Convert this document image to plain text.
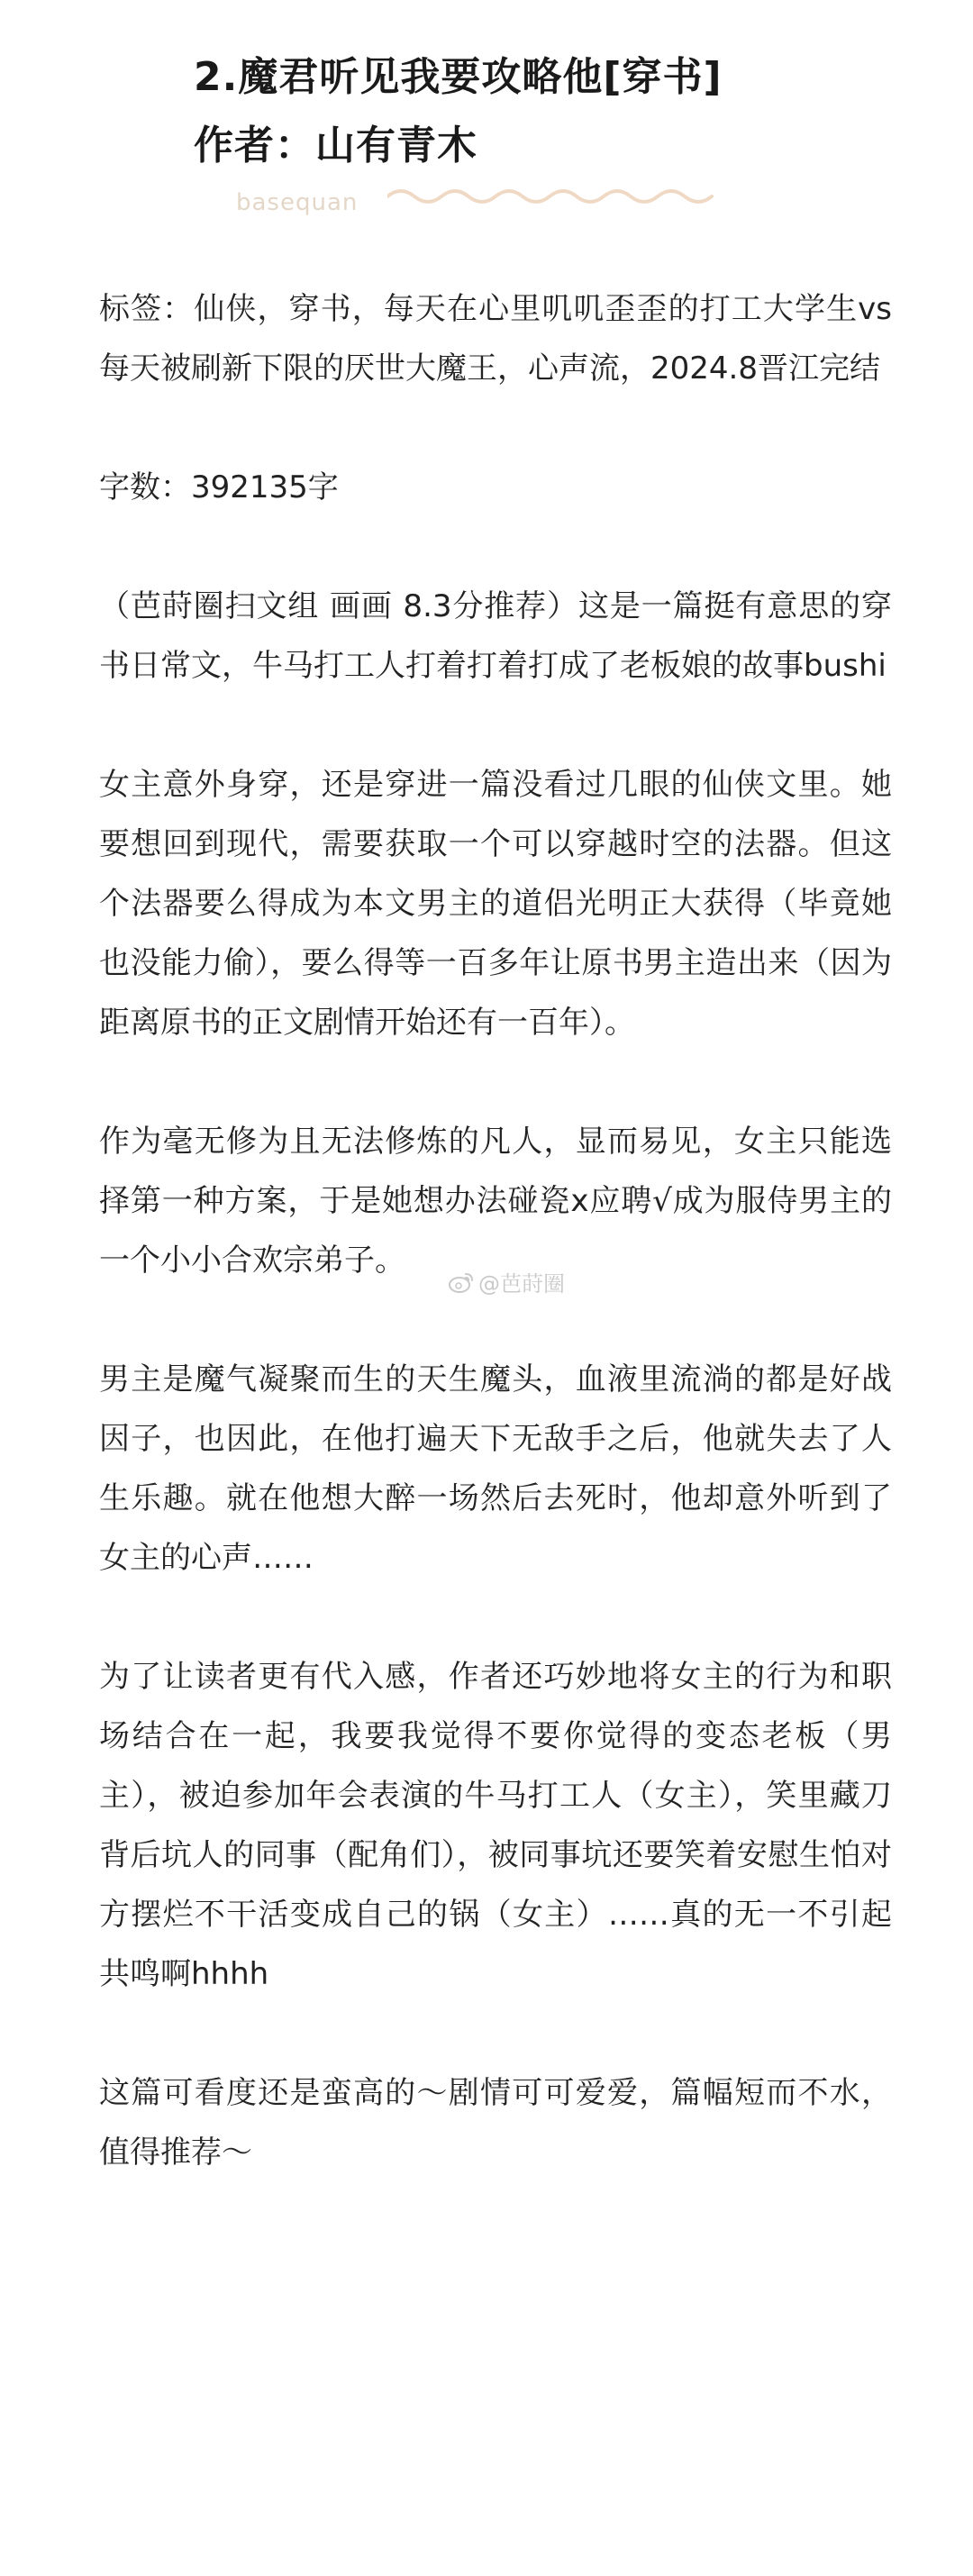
2.魔君听见我要攻略他[穿书]
作者：山有青木
basequan

标签：仙侠，穿书，每天在心里叽叽歪歪的打工大学生vs每天被刷新下限的厌世大魔王，心声流，2024.8晋江完结

字数：392135字

（芭莳圈扫文组 画画 8.3分推荐）这是一篇挺有意思的穿书日常文，牛马打工人打着打着打成了老板娘的故事bushi

女主意外身穿，还是穿进一篇没看过几眼的仙侠文里。她要想回到现代，需要获取一个可以穿越时空的法器。但这个法器要么得成为本文男主的道侣光明正大获得（毕竟她也没能力偷），要么得等一百多年让原书男主造出来（因为距离原书的正文剧情开始还有一百年）。

作为毫无修为且无法修炼的凡人，显而易见，女主只能选择第一种方案，于是她想办法碰瓷x应聘√成为服侍男主的一个小小合欢宗弟子。

男主是魔气凝聚而生的天生魔头，血液里流淌的都是好战因子，也因此，在他打遍天下无敌手之后，他就失去了人生乐趣。就在他想大醉一场然后去死时，他却意外听到了女主的心声……

为了让读者更有代入感，作者还巧妙地将女主的行为和职场结合在一起，我要我觉得不要你觉得的变态老板（男主），被迫参加年会表演的牛马打工人（女主），笑里藏刀背后坑人的同事（配角们），被同事坑还要笑着安慰生怕对方摆烂不干活变成自己的锅（女主）……真的无一不引起共鸣啊hhhh

这篇可看度还是蛮高的～剧情可可爱爱，篇幅短而不水，值得推荐～

@芭莳圈
